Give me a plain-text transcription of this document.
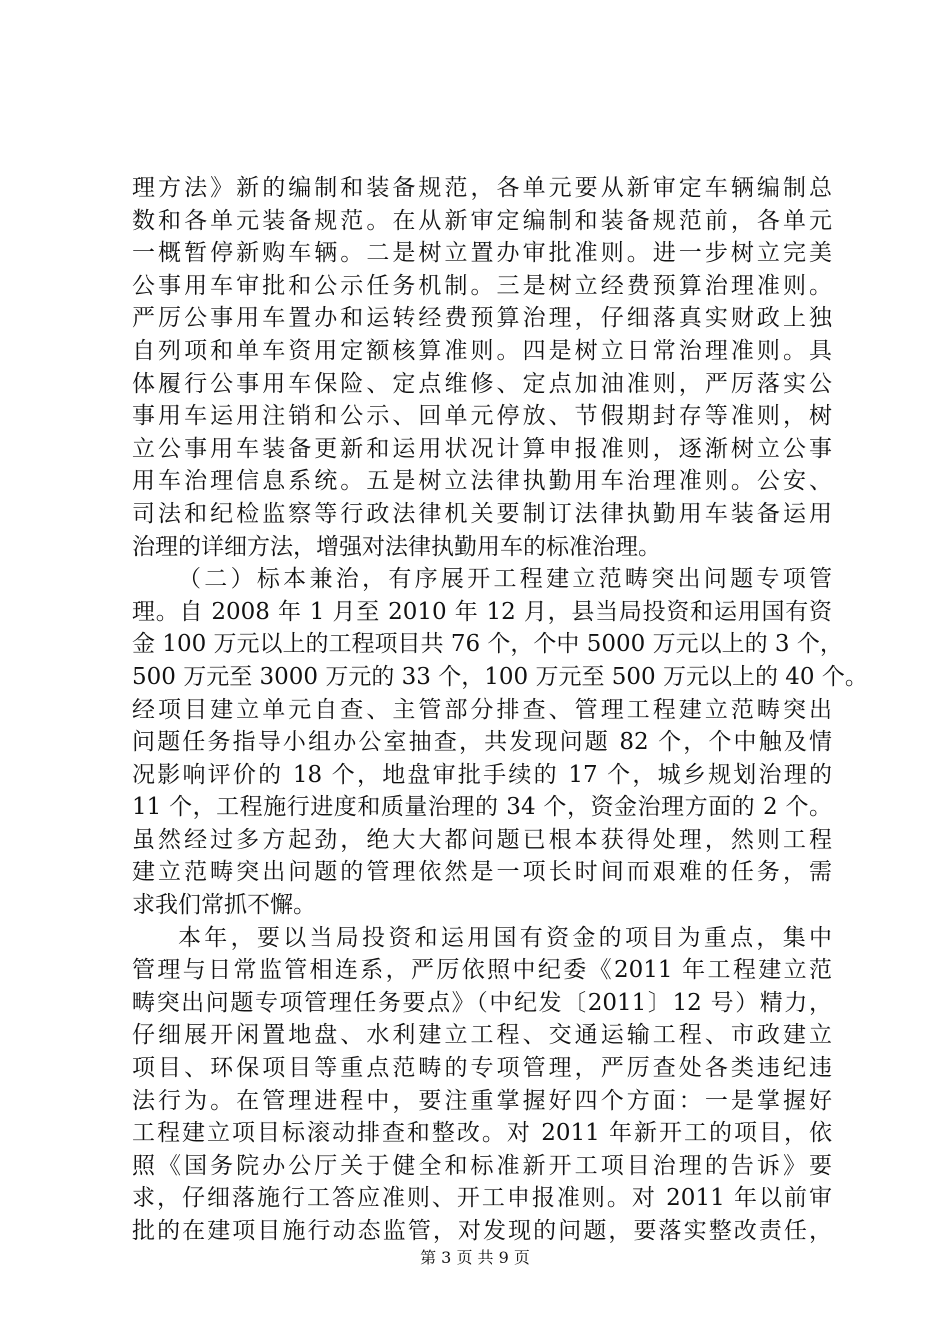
理方法》新的编制和装备规范，各单元要从新审定车辆编制总
数和各单元装备规范。在从新审定编制和装备规范前，各单元
一概暂停新购车辆。二是树立置办审批准则。进一步树立完美
公事用车审批和公示任务机制。三是树立经费预算治理准则。
严厉公事用车置办和运转经费预算治理，仔细落真实财政上独
自列项和单车资用定额核算准则。四是树立日常治理准则。具
体履行公事用车保险、定点维修、定点加油准则，严厉落实公
事用车运用注销和公示、回单元停放、节假期封存等准则，树
立公事用车装备更新和运用状况计算申报准则，逐渐树立公事
用车治理信息系统。五是树立法律执勤用车治理准则。公安、
司法和纪检监察等行政法律机关要制订法律执勤用车装备运用
治理的详细方法，增强对法律执勤用车的标准治理。
（二）标本兼治，有序展开工程建立范畴突出问题专项管
理。自 2008 年 1 月至 2010 年 12 月，县当局投资和运用国有资
金 100 万元以上的工程项目共 76 个，个中 5000 万元以上的 3 个，
500 万元至 3000 万元的 33 个，100 万元至 500 万元以上的 40 个。
经项目建立单元自查、主管部分排查、管理工程建立范畴突出
问题任务指导小组办公室抽查，共发现问题 82 个，个中触及情
况影响评价的 18 个，地盘审批手续的 17 个，城乡规划治理的
11 个，工程施行进度和质量治理的 34 个，资金治理方面的 2 个。
虽然经过多方起劲，绝大大都问题已根本获得处理，然则工程
建立范畴突出问题的管理依然是一项长时间而艰难的任务，需
求我们常抓不懈。
本年，要以当局投资和运用国有资金的项目为重点，集中
管理与日常监管相连系，严厉依照中纪委《2011 年工程建立范
畴突出问题专项管理任务要点》（中纪发〔2011〕12 号）精力，
仔细展开闲置地盘、水利建立工程、交通运输工程、市政建立
项目、环保项目等重点范畴的专项管理，严厉查处各类违纪违
法行为。在管理进程中，要注重掌握好四个方面：一是掌握好
工程建立项目标滚动排查和整改。对 2011 年新开工的项目，依
照《国务院办公厅关于健全和标准新开工项目治理的告诉》要
求，仔细落施行工答应准则、开工申报准则。对 2011 年以前审
批的在建项目施行动态监管，对发现的问题，要落实整改责任，
第 3 页 共 9 页
